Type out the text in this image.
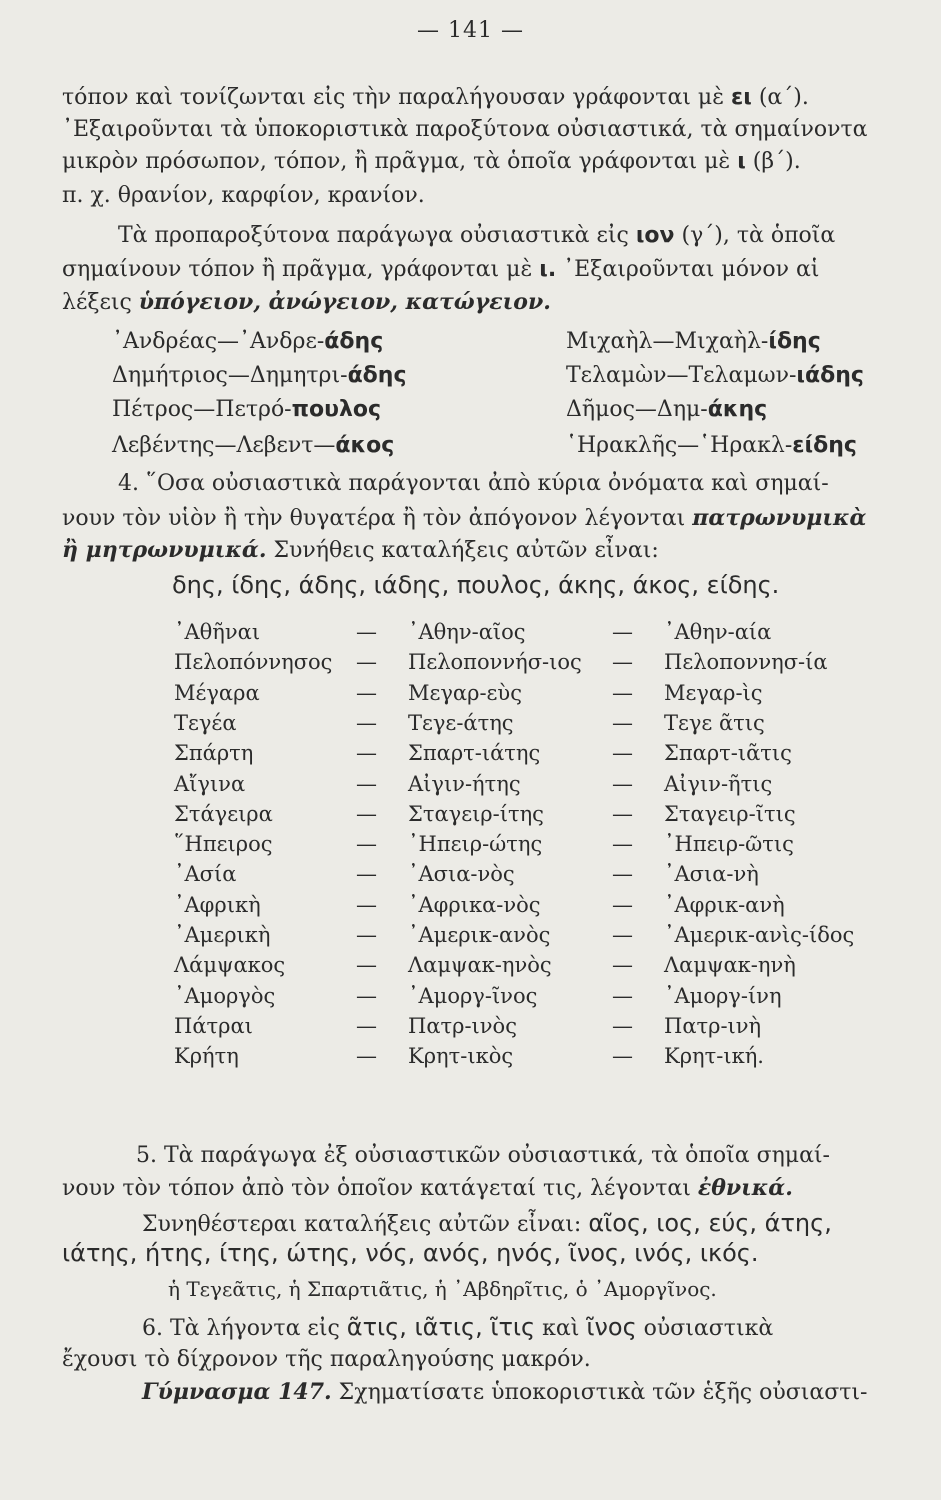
— 141 —
τόπον καὶ τονίζωνται εἰς τὴν παραλήγουσαν γράφονται μὲ ει (α΄).
᾿Εξαιροῦνται τὰ ὑποκοριστικὰ παροξύτονα οὐσιαστικά, τὰ σημαίνοντα
μικρὸν πρόσωπον, τόπον, ἢ πρᾶγμα, τὰ ὁποῖα γράφονται μὲ ι (β΄).
π. χ. θρανίον, καρφίον, κρανίον.
Τὰ προπαροξύτονα παράγωγα οὐσιαστικὰ εἰς ιον (γ΄), τὰ ὁποῖα
σημαίνουν τόπον ἢ πρᾶγμα, γράφονται μὲ ι. ᾿Εξαιροῦνται μόνον αἱ
λέξεις ὑπόγειον, ἀνώγειον, κατώγειον.
᾿Ανδρέας—᾿Ανδρε-άδης	Μιχαὴλ—Μιχαὴλ-ίδης
Δημήτριος—Δημητρι-άδης	Τελαμὼν—Τελαμων-ιάδης
Πέτρος—Πετρό-πουλος	Δῆμος—Δημ-άκης
Λεβέντης—Λεβεντ—άκος	῾Ηρακλῆς—῾Ηρακλ-είδης
4. ῞Οσα οὐσιαστικὰ παράγονται ἀπὸ κύρια ὀνόματα καὶ σημαί-
νουν τὸν υἱὸν ἢ τὴν θυγατέρα ἢ τὸν ἀπόγονον λέγονται πατρωνυμικὰ
ἢ μητρωνυμικά. Συνήθεις καταλήξεις αὐτῶν εἶναι:
δης, ίδης, άδης, ιάδης, πουλος, άκης, άκος, είδης.
᾿Αθῆναι	— ᾿Αθην-αῖος	— ᾿Αθην-αία
Πελοπόννησος — Πελοποννήσ-ιος — Πελοποννησ-ία
Μέγαρα	— Μεγαρ-εὺς	— Μεγαρ-ὶς
Τεγέα	— Τεγε-άτης	— Τεγε ᾶτις
Σπάρτη	— Σπαρτ-ιάτης	— Σπαρτ-ιᾶτις
Αἴγινα	— Αἰγιν-ήτης	— Αἰγιν-ῆτις
Στάγειρα	— Σταγειρ-ίτης	— Σταγειρ-ῖτις
῞Ηπειρος	— ᾿Ηπειρ-ώτης	— ᾿Ηπειρ-ῶτις
᾿Ασία	— ᾿Ασια-νὸς	— ᾿Ασια-νὴ
᾿Αφρικὴ	— ᾿Αφρικα-νὸς	— ᾿Αφρικ-ανὴ
᾿Αμερικὴ	— ᾿Αμερικ-ανὸς	— ᾿Αμερικ-ανὶς-ίδος
Λάμψακος	— Λαμψακ-ηνὸς	— Λαμψακ-ηνὴ
᾿Αμοργὸς	— ᾿Αμοργ-ῖνος	— ᾿Αμοργ-ίνη
Πάτραι	— Πατρ-ινὸς	— Πατρ-ινὴ
Κρήτη	— Κρητ-ικὸς	— Κρητ-ική.
5. Τὰ παράγωγα ἐξ οὐσιαστικῶν οὐσιαστικά, τὰ ὁποῖα σημαί-
νουν τὸν τόπον ἀπὸ τὸν ὁποῖον κατάγεταί τις, λέγονται ἐθνικά.
Συνηθέστεραι καταλήξεις αὐτῶν εἶναι: αῖος, ιος, εύς, άτης,
ιάτης, ήτης, ίτης, ώτης, νός, ανός, ηνός, ῖνος, ινός, ικός.
ἡ Τεγεᾶτις, ἡ Σπαρτιᾶτις, ἡ ᾿Αβδηρῖτις, ὁ ᾿Αμοργῖνος.
6. Τὰ λήγοντα εἰς ᾶτις, ιᾶτις, ῖτις καὶ ῖνος οὐσιαστικὰ
ἔχουσι τὸ δίχρονον τῆς παραληγούσης μακρόν.
Γύμνασμα 147. Σχηματίσατε ὑποκοριστικὰ τῶν ἑξῆς οὐσιαστι-
